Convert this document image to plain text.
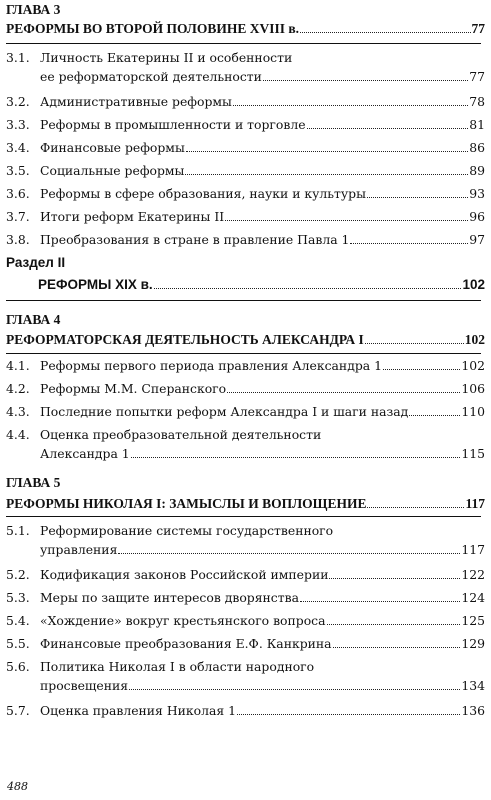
ГЛАВА 3
РЕФОРМЫ ВО ВТОРОЙ ПОЛОВИНЕ XVIII в.	77
3.1. Личность Екатерины II и особенности
ее реформаторской деятельности	77
3.2. Административные реформы	78
3.3. Реформы в промышленности и торговле	81
3.4. Финансовые реформы	86
3.5. Социальные реформы	89
3.6. Реформы в сфере образования, науки и культуры	93
3.7. Итоги реформ Екатерины II	96
3.8. Преобразования в стране в правление Павла 1	97
Раздел II
РЕФОРМЫ XIX в.	102
ГЛАВА 4
РЕФОРМАТОРСКАЯ ДЕЯТЕЛЬНОСТЬ АЛЕКСАНДРА I	102
4.1. Реформы первого периода правления Александра 1	102
4.2. Реформы М.М. Сперанского	106
4.3. Последние попытки реформ Александра I и шаги назад	110
4.4. Оценка преобразовательной деятельности
Александра 1	115
ГЛАВА 5
РЕФОРМЫ НИКОЛАЯ I: ЗАМЫСЛЫ И ВОПЛОЩЕНИЕ	117
5.1. Реформирование системы государственного
управления	117
5.2. Кодификация законов Российской империи	122
5.3. Меры по защите интересов дворянства	124
5.4. «Хождение» вокруг крестьянского вопроса	125
5.5. Финансовые преобразования Е.Ф. Канкрина	129
5.6. Политика Николая I в области народного
просвещения	134
5.7. Оценка правления Николая 1	136
488
